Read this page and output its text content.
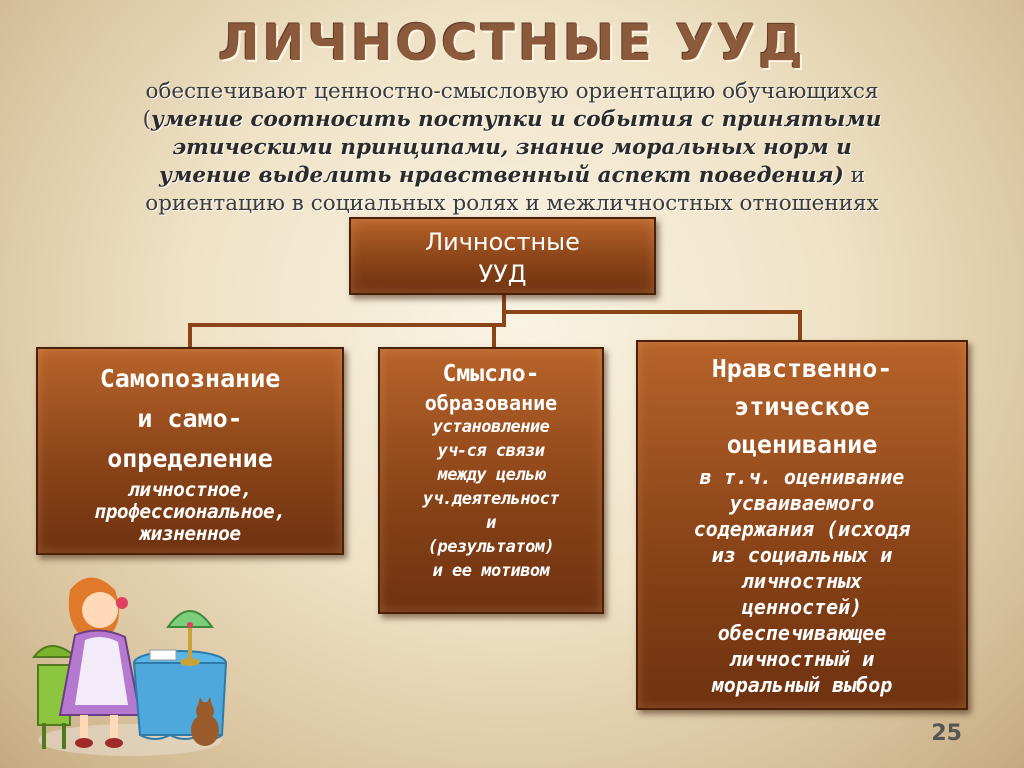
ЛИЧНОСТНЫЕ УУД
обеспечивают ценностно-смысловую ориентацию обучающихся
(умение соотносить поступки и события с принятыми
этическими принципами, знание моральных норм и
умение выделить нравственный аспект поведения) и
ориентацию в социальных ролях и межличностных отношениях
Личностные
УУД
Самопознание
и само-
определение
личностное,
профессиональное,
жизненное
Смысло-
образование
установление
уч-ся связи
между целью
уч.деятельност
и
(результатом)
и ее мотивом
Нравственно-
этическое
оценивание
в т.ч. оценивание
усваиваемого
содержания (исходя
из социальных и
личностных
ценностей)
обеспечивающее
личностный и
моральный выбор
25
